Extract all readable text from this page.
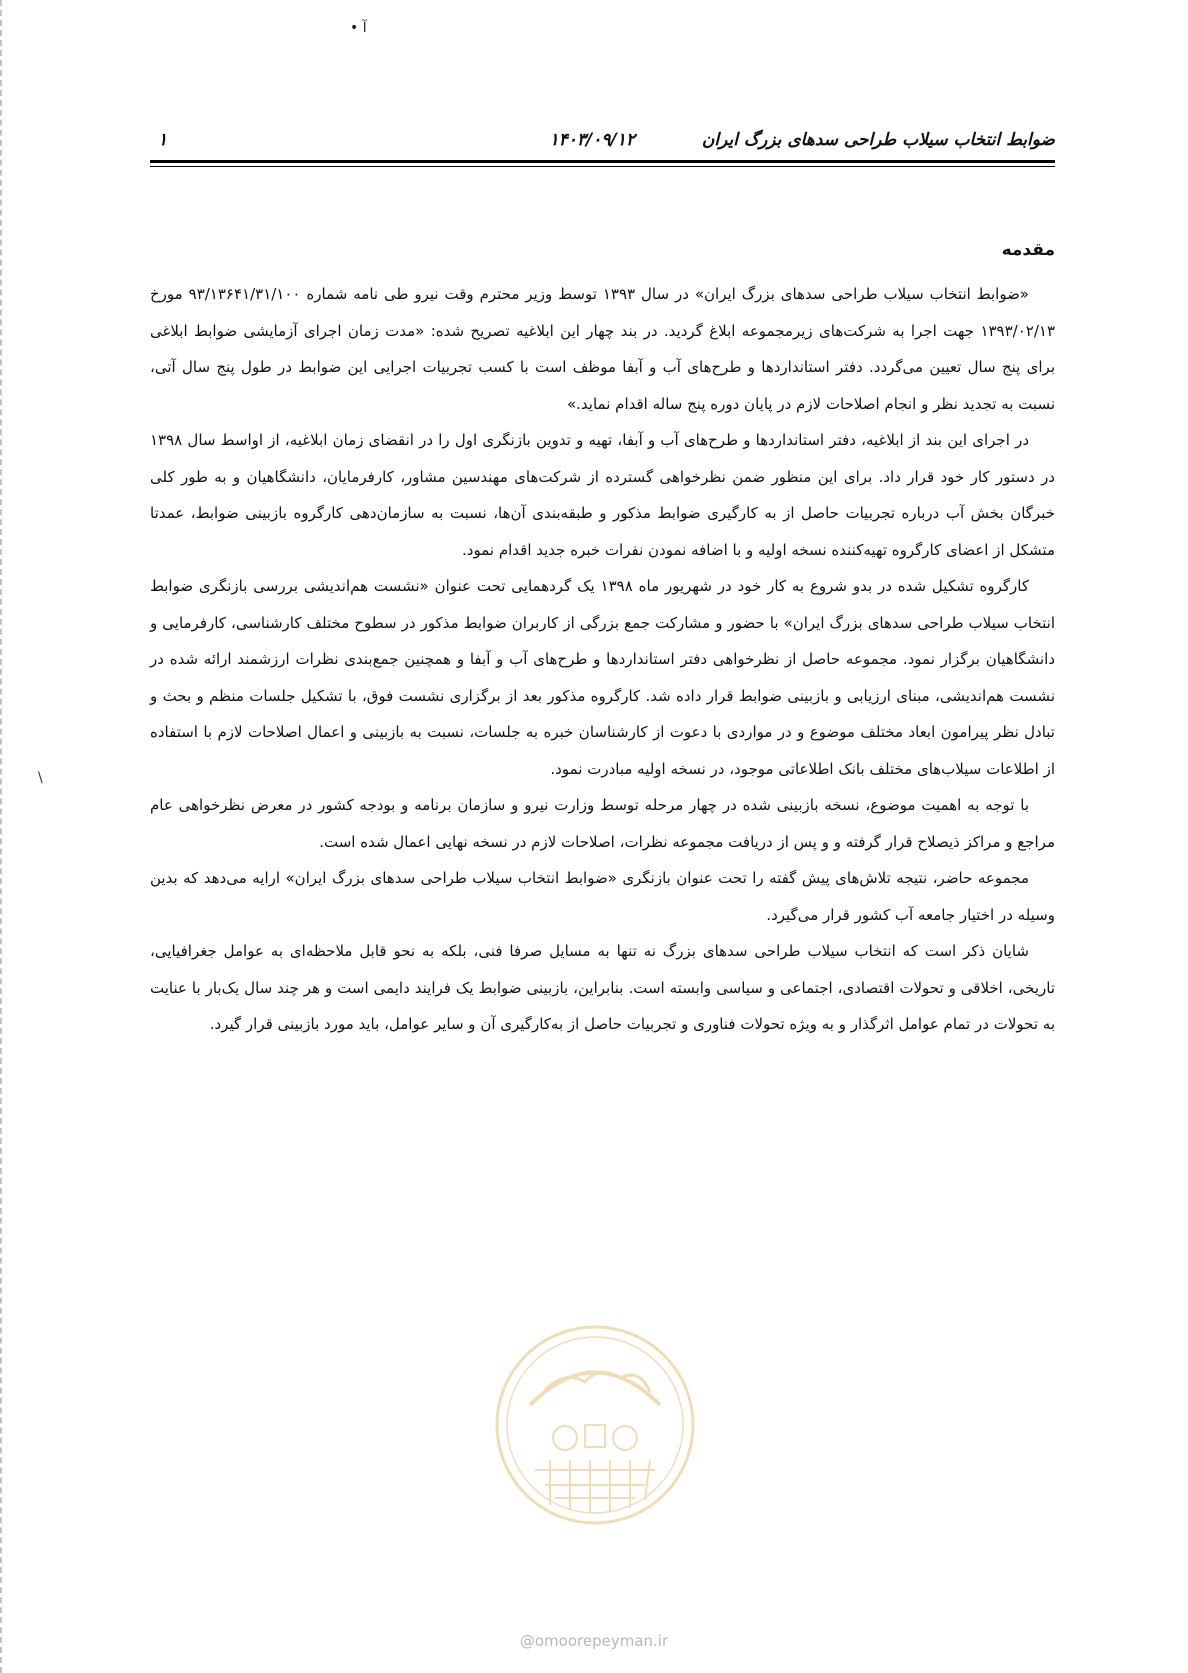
• آ
ضوابط انتخاب سیلاب طراحی سدهای بزرگ ایران
۱۴۰۳/۰۹/۱۲
۱
مقدمه

«ضوابط انتخاب سیلاب طراحی سدهای بزرگ ایران» در سال ۱۳۹۳ توسط وزیر محترم وقت نیرو طی نامه شماره ۹۳/۱۳۶۴۱/۳۱/۱۰۰ مورخ ۱۳۹۳/۰۲/۱۳ جهت اجرا به شرکت‌های زیرمجموعه ابلاغ گردید. در بند چهار این ابلاغیه تصریح شده: «مدت زمان اجرای آزمایشی ضوابط ابلاغی برای پنج سال تعیین می‌گردد. دفتر استانداردها و طرح‌های آب و آبفا موظف است با کسب تجربیات اجرایی این ضوابط در طول پنج سال آتی، نسبت به تجدید نظر و انجام اصلاحات لازم در پایان دوره پنج ساله اقدام نماید.»

در اجرای این بند از ابلاغیه، دفتر استانداردها و طرح‌های آب و آبفا، تهیه و تدوین بازنگری اول را در انقضای زمان ابلاغیه، از اواسط سال ۱۳۹۸ در دستور کار خود قرار داد. برای این منظور ضمن نظرخواهی گسترده از شرکت‌های مهندسین مشاور، کارفرمایان، دانشگاهیان و به طور کلی خبرگان بخش آب درباره تجربیات حاصل از به کارگیری ضوابط مذکور و طبقه‌بندی آن‌ها، نسبت به سازمان‌دهی کارگروه بازبینی ضوابط، عمدتا متشکل از اعضای کارگروه تهیه‌کننده نسخه اولیه و با اضافه نمودن نفرات خبره جدید اقدام نمود.

کارگروه تشکیل شده در بدو شروع به کار خود در شهریور ماه ۱۳۹۸ یک گردهمایی تحت عنوان «نشست هم‌اندیشی بررسی بازنگری ضوابط انتخاب سیلاب طراحی سدهای بزرگ ایران» با حضور و مشارکت جمع بزرگی از کاربران ضوابط مذکور در سطوح مختلف کارشناسی، کارفرمایی و دانشگاهیان برگزار نمود. مجموعه حاصل از نظرخواهی دفتر استانداردها و طرح‌های آب و آبفا و همچنین جمع‌بندی نظرات ارزشمند ارائه شده در نشست هم‌اندیشی، مبنای ارزیابی و بازبینی ضوابط قرار داده شد. کارگروه مذکور بعد از برگزاری نشست فوق، با تشکیل جلسات منظم و بحث و تبادل نظر پیرامون ابعاد مختلف موضوع و در مواردی با دعوت از کارشناسان خبره به جلسات، نسبت به بازبینی و اعمال اصلاحات لازم با استفاده از اطلاعات سیلاب‌های مختلف بانک اطلاعاتی موجود، در نسخه اولیه مبادرت نمود.

با توجه به اهمیت موضوع، نسخه بازبینی شده در چهار مرحله توسط وزارت نیرو و سازمان برنامه و بودجه کشور در معرض نظرخواهی عام مراجع و مراکز ذیصلاح قرار گرفته و و پس از دریافت مجموعه نظرات، اصلاحات لازم در نسخه نهایی اعمال شده است.

مجموعه حاضر، نتیجه تلاش‌های پیش گفته را تحت عنوان بازنگری «ضوابط انتخاب سیلاب طراحی سدهای بزرگ ایران» ارایه می‌دهد که بدین وسیله در اختیار جامعه آب کشور قرار می‌گیرد.

شایان ذکر است که انتخاب سیلاب طراحی سدهای بزرگ نه تنها به مسایل صرفا فنی، بلکه به نحو قابل ملاحظه‌ای به عوامل جغرافیایی، تاریخی، اخلاقی و تحولات اقتصادی، اجتماعی و سیاسی وابسته است. بنابراین، بازبینی ضوابط یک فرایند دایمی است و هر چند سال یک‌بار با عنایت به تحولات در تمام عوامل اثرگذار و به ویژه تحولات فناوری و تجربیات حاصل از به‌کارگیری آن و سایر عوامل، باید مورد بازبینی قرار گیرد.

\
@omoorepeyman.ir
